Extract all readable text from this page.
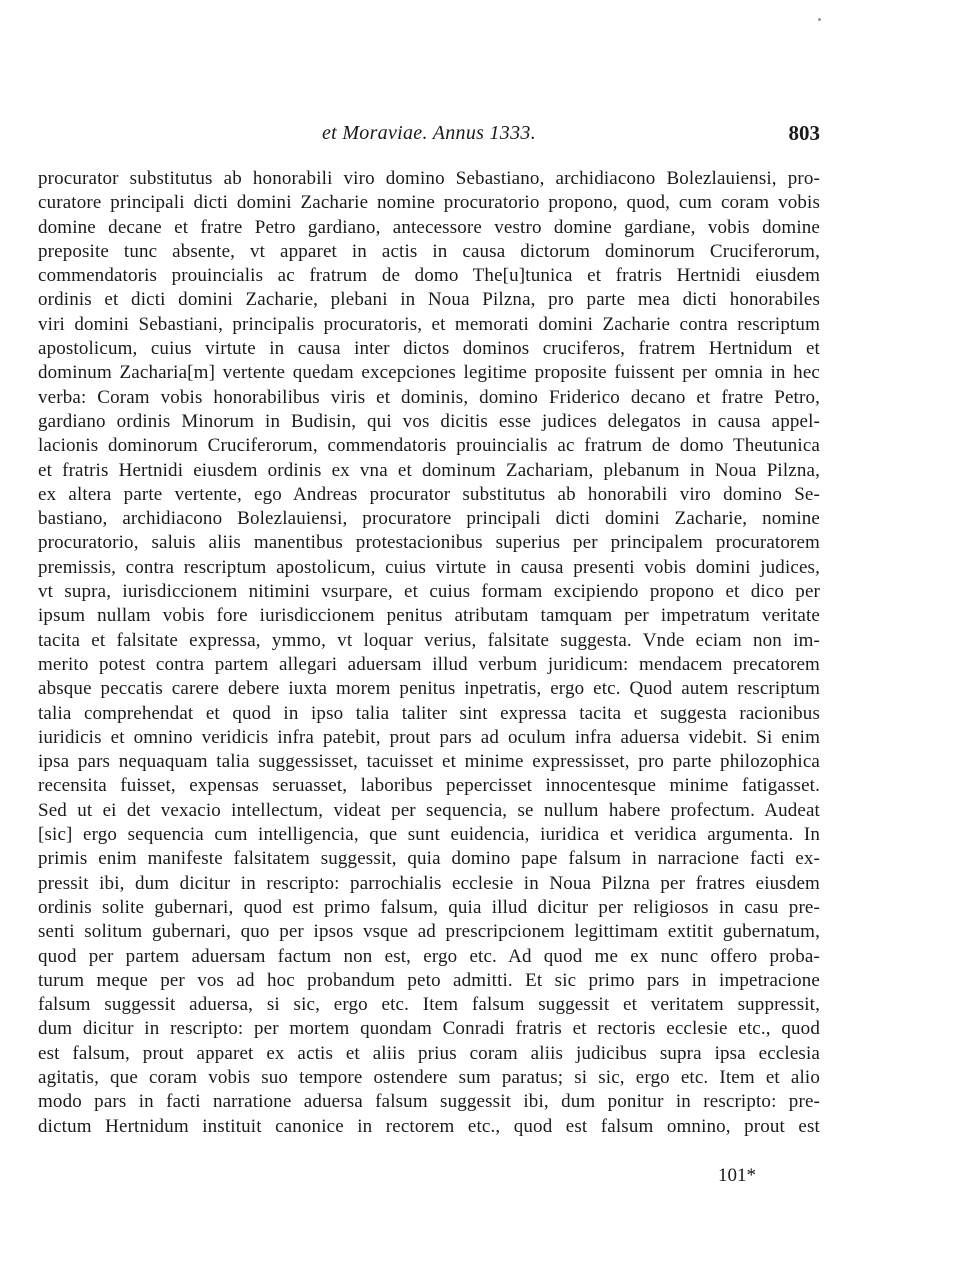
et Moraviae. Annus 1333.	803
procurator substitutus ab honorabili viro domino Sebastiano, archidiacono Bolezlauiensi, pro-
curatore principali dicti domini Zacharie nomine procuratorio propono, quod, cum coram vobis
domine decane et fratre Petro gardiano, antecessore vestro domine gardiane, vobis domine
preposite tunc absente, vt apparet in actis in causa dictorum dominorum Cruciferorum,
commendatoris prouincialis ac fratrum de domo The[u]tunica et fratris Hertnidi eiusdem
ordinis et dicti domini Zacharie, plebani in Noua Pilzna, pro parte mea dicti honorabiles
viri domini Sebastiani, principalis procuratoris, et memorati domini Zacharie contra rescriptum
apostolicum, cuius virtute in causa inter dictos dominos cruciferos, fratrem Hertnidum et
dominum Zacharia[m] vertente quedam excepciones legitime proposite fuissent per omnia in hec
verba: Coram vobis honorabilibus viris et dominis, domino Friderico decano et fratre Petro,
gardiano ordinis Minorum in Budisin, qui vos dicitis esse judices delegatos in causa appel-
lacionis dominorum Cruciferorum, commendatoris prouincialis ac fratrum de domo Theutunica
et fratris Hertnidi eiusdem ordinis ex vna et dominum Zachariam, plebanum in Noua Pilzna,
ex altera parte vertente, ego Andreas procurator substitutus ab honorabili viro domino Se-
bastiano, archidiacono Bolezlauiensi, procuratore principali dicti domini Zacharie, nomine
procuratorio, saluis aliis manentibus protestacionibus superius per principalem procuratorem
premissis, contra rescriptum apostolicum, cuius virtute in causa presenti vobis domini judices,
vt supra, iurisdiccionem nitimini vsurpare, et cuius formam excipiendo propono et dico per
ipsum nullam vobis fore iurisdiccionem penitus atributam tamquam per impetratum veritate
tacita et falsitate expressa, ymmo, vt loquar verius, falsitate suggesta. Vnde eciam non im-
merito potest contra partem allegari aduersam illud verbum juridicum: mendacem precatorem
absque peccatis carere debere iuxta morem penitus inpetratis, ergo etc. Quod autem rescriptum
talia comprehendat et quod in ipso talia taliter sint expressa tacita et suggesta racionibus
iuridicis et omnino veridicis infra patebit, prout pars ad oculum infra aduersa videbit. Si enim
ipsa pars nequaquam talia suggessisset, tacuisset et minime expressisset, pro parte philozophica
recensita fuisset, expensas seruasset, laboribus pepercisset innocentesque minime fatigasset.
Sed ut ei det vexacio intellectum, videat per sequencia, se nullum habere profectum. Audeat
[sic] ergo sequencia cum intelligencia, que sunt euidencia, iuridica et veridica argumenta. In
primis enim manifeste falsitatem suggessit, quia domino pape falsum in narracione facti ex-
pressit ibi, dum dicitur in rescripto: parrochialis ecclesie in Noua Pilzna per fratres eiusdem
ordinis solite gubernari, quod est primo falsum, quia illud dicitur per religiosos in casu pre-
senti solitum gubernari, quo per ipsos vsque ad prescripcionem legittimam extitit gubernatum,
quod per partem aduersam factum non est, ergo etc. Ad quod me ex nunc offero proba-
turum meque per vos ad hoc probandum peto admitti. Et sic primo pars in impetracione
falsum suggessit aduersa, si sic, ergo etc. Item falsum suggessit et veritatem suppressit,
dum dicitur in rescripto: per mortem quondam Conradi fratris et rectoris ecclesie etc., quod
est falsum, prout apparet ex actis et aliis prius coram aliis judicibus supra ipsa ecclesia
agitatis, que coram vobis suo tempore ostendere sum paratus; si sic, ergo etc. Item et alio
modo pars in facti narratione aduersa falsum suggessit ibi, dum ponitur in rescripto: pre-
dictum Hertnidum instituit canonice in rectorem etc., quod est falsum omnino, prout est
101*
